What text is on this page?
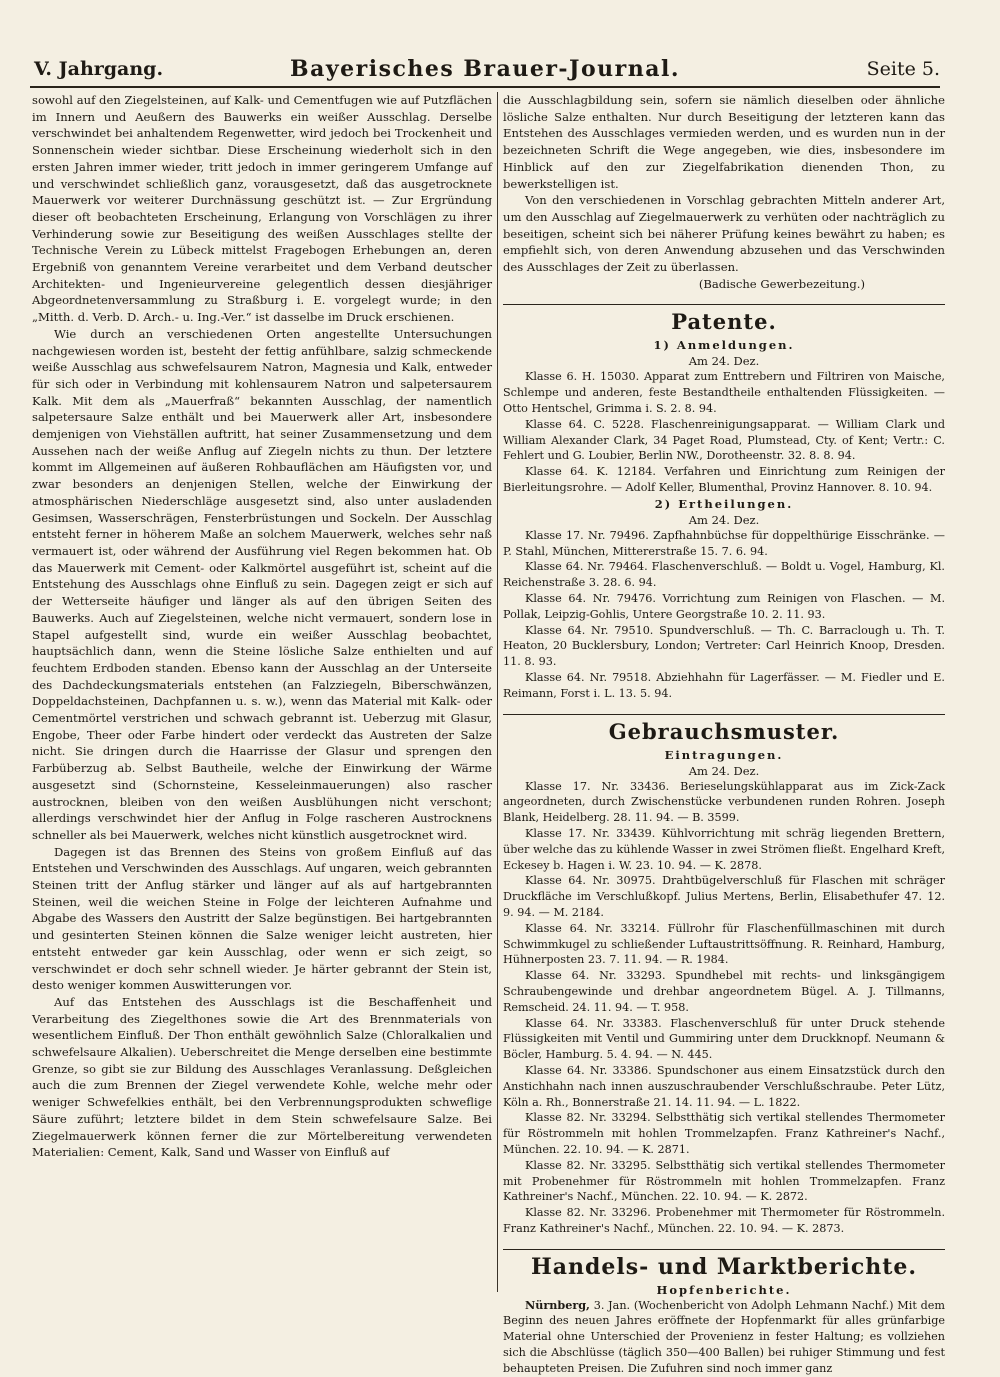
V. Jahrgang.	Bayerisches Brauer-Journal.	Seite 5.

sowohl auf den Ziegelsteinen, auf Kalk- und Cementfugen wie auf Putzflächen im Innern und Aeußern des Bauwerks ein weißer Ausschlag. Derselbe verschwindet bei anhaltendem Regenwetter, wird jedoch bei Trockenheit und Sonnenschein wieder sichtbar. Diese Erscheinung wiederholt sich in den ersten Jahren immer wieder, tritt jedoch in immer geringerem Umfange auf und verschwindet schließlich ganz, vorausgesetzt, daß das ausgetrocknete Mauerwerk vor weiterer Durchnässung geschützt ist. — Zur Ergründung dieser oft beobachteten Erscheinung, Erlangung von Vorschlägen zu ihrer Verhinderung sowie zur Beseitigung des weißen Ausschlages stellte der Technische Verein zu Lübeck mittelst Fragebogen Erhebungen an, deren Ergebniß von genanntem Vereine verarbeitet und dem Verband deutscher Architekten- und Ingenieurvereine gelegentlich dessen diesjähriger Abgeordnetenversammlung zu Straßburg i. E. vorgelegt wurde; in den „Mitth. d. Verb. D. Arch.- u. Ing.-Ver.“ ist dasselbe im Druck erschienen.

Wie durch an verschiedenen Orten angestellte Untersuchungen nachgewiesen worden ist, besteht der fettig anfühlbare, salzig schmeckende weiße Ausschlag aus schwefelsaurem Natron, Magnesia und Kalk, entweder für sich oder in Verbindung mit kohlensaurem Natron und salpetersaurem Kalk. Mit dem als „Mauerfraß“ bekannten Ausschlag, der namentlich salpetersaure Salze enthält und bei Mauerwerk aller Art, insbesondere demjenigen von Viehställen auftritt, hat seiner Zusammensetzung und dem Aussehen nach der weiße Anflug auf Ziegeln nichts zu thun. Der letztere kommt im Allgemeinen auf äußeren Rohbauflächen am Häufigsten vor, und zwar besonders an denjenigen Stellen, welche der Einwirkung der atmosphärischen Niederschläge ausgesetzt sind, also unter ausladenden Gesimsen, Wasserschrägen, Fensterbrüstungen und Sockeln. Der Ausschlag entsteht ferner in höherem Maße an solchem Mauerwerk, welches sehr naß vermauert ist, oder während der Ausführung viel Regen bekommen hat. Ob das Mauerwerk mit Cement- oder Kalkmörtel ausgeführt ist, scheint auf die Entstehung des Ausschlags ohne Einfluß zu sein. Dagegen zeigt er sich auf der Wetterseite häufiger und länger als auf den übrigen Seiten des Bauwerks. Auch auf Ziegelsteinen, welche nicht vermauert, sondern lose in Stapel aufgestellt sind, wurde ein weißer Ausschlag beobachtet, hauptsächlich dann, wenn die Steine lösliche Salze enthielten und auf feuchtem Erdboden standen. Ebenso kann der Ausschlag an der Unterseite des Dachdeckungsmaterials entstehen (an Falzziegeln, Biberschwänzen, Doppeldachsteinen, Dachpfannen u. s. w.), wenn das Material mit Kalk- oder Cementmörtel verstrichen und schwach gebrannt ist. Ueberzug mit Glasur, Engobe, Theer oder Farbe hindert oder verdeckt das Austreten der Salze nicht. Sie dringen durch die Haarrisse der Glasur und sprengen den Farbüberzug ab. Selbst Bautheile, welche der Einwirkung der Wärme ausgesetzt sind (Schornsteine, Kesseleinmauerungen) also rascher austrocknen, bleiben von den weißen Ausblühungen nicht verschont; allerdings verschwindet hier der Anflug in Folge rascheren Austrocknens schneller als bei Mauerwerk, welches nicht künstlich ausgetrocknet wird.

Dagegen ist das Brennen des Steins von großem Einfluß auf das Entstehen und Verschwinden des Ausschlags. Auf ungaren, weich gebrannten Steinen tritt der Anflug stärker und länger auf als auf hartgebrannten Steinen, weil die weichen Steine in Folge der leichteren Aufnahme und Abgabe des Wassers den Austritt der Salze begünstigen. Bei hartgebrannten und gesinterten Steinen können die Salze weniger leicht austreten, hier entsteht entweder gar kein Ausschlag, oder wenn er sich zeigt, so verschwindet er doch sehr schnell wieder. Je härter gebrannt der Stein ist, desto weniger kommen Auswitterungen vor.

Auf das Entstehen des Ausschlags ist die Beschaffenheit und Verarbeitung des Ziegelthones sowie die Art des Brennmaterials von wesentlichem Einfluß. Der Thon enthält gewöhnlich Salze (Chloralkalien und schwefelsaure Alkalien). Ueberschreitet die Menge derselben eine bestimmte Grenze, so gibt sie zur Bildung des Ausschlages Veranlassung. Deßgleichen auch die zum Brennen der Ziegel verwendete Kohle, welche mehr oder weniger Schwefelkies enthält, bei den Verbrennungsprodukten schweflige Säure zuführt; letztere bildet in dem Stein schwefelsaure Salze. Bei Ziegelmauerwerk können ferner die zur Mörtelbereitung verwendeten Materialien: Cement, Kalk, Sand und Wasser von Einfluß auf

die Ausschlagbildung sein, sofern sie nämlich dieselben oder ähnliche lösliche Salze enthalten. Nur durch Beseitigung der letzteren kann das Entstehen des Ausschlages vermieden werden, und es wurden nun in der bezeichneten Schrift die Wege angegeben, wie dies, insbesondere im Hinblick auf den zur Ziegelfabrikation dienenden Thon, zu bewerkstelligen ist.

Von den verschiedenen in Vorschlag gebrachten Mitteln anderer Art, um den Ausschlag auf Ziegelmauerwerk zu verhüten oder nachträglich zu beseitigen, scheint sich bei näherer Prüfung keines bewährt zu haben; es empfiehlt sich, von deren Anwendung abzusehen und das Verschwinden des Ausschlages der Zeit zu überlassen.

(Badische Gewerbezeitung.)

Patente.
1) Anmeldungen.
Am 24. Dez.

Klasse 6. H. 15030. Apparat zum Enttrebern und Filtriren von Maische, Schlempe und anderen, feste Bestandtheile enthaltenden Flüssigkeiten. — Otto Hentschel, Grimma i. S. 2. 8. 94.

Klasse 64. C. 5228. Flaschenreinigungsapparat. — William Clark und William Alexander Clark, 34 Paget Road, Plumstead, Cty. of Kent; Vertr.: C. Fehlert und G. Loubier, Berlin NW., Dorotheenstr. 32. 8. 8. 94.

Klasse 64. K. 12184. Verfahren und Einrichtung zum Reinigen der Bierleitungsrohre. — Adolf Keller, Blumenthal, Provinz Hannover. 8. 10. 94.

2) Ertheilungen.
Am 24. Dez.

Klasse 17. Nr. 79496. Zapfhahnbüchse für doppelthürige Eisschränke. — P. Stahl, München, Mittererstraße 15. 7. 6. 94.

Klasse 64. Nr. 79464. Flaschenverschluß. — Boldt u. Vogel, Hamburg, Kl. Reichenstraße 3. 28. 6. 94.

Klasse 64. Nr. 79476. Vorrichtung zum Reinigen von Flaschen. — M. Pollak, Leipzig-Gohlis, Untere Georgstraße 10. 2. 11. 93.

Klasse 64. Nr. 79510. Spundverschluß. — Th. C. Barraclough u. Th. T. Heaton, 20 Bucklersbury, London; Vertreter: Carl Heinrich Knoop, Dresden. 11. 8. 93.

Klasse 64. Nr. 79518. Abziehhahn für Lagerfässer. — M. Fiedler und E. Reimann, Forst i. L. 13. 5. 94.

Gebrauchsmuster.
Eintragungen.
Am 24. Dez.

Klasse 17. Nr. 33436. Berieselungskühlapparat aus im Zick-Zack angeordneten, durch Zwischenstücke verbundenen runden Rohren. Joseph Blank, Heidelberg. 28. 11. 94. — B. 3599.

Klasse 17. Nr. 33439. Kühlvorrichtung mit schräg liegenden Brettern, über welche das zu kühlende Wasser in zwei Strömen fließt. Engelhard Kreft, Eckesey b. Hagen i. W. 23. 10. 94. — K. 2878.

Klasse 64. Nr. 30975. Drahtbügelverschluß für Flaschen mit schräger Druckfläche im Verschlußkopf. Julius Mertens, Berlin, Elisabethufer 47. 12. 9. 94. — M. 2184.

Klasse 64. Nr. 33214. Füllrohr für Flaschenfüllmaschinen mit durch Schwimmkugel zu schließender Luftaustrittsöffnung. R. Reinhard, Hamburg, Hühnerposten 23. 7. 11. 94. — R. 1984.

Klasse 64. Nr. 33293. Spundhebel mit rechts- und linksgängigem Schraubengewinde und drehbar angeordnetem Bügel. A. J. Tillmanns, Remscheid. 24. 11. 94. — T. 958.

Klasse 64. Nr. 33383. Flaschenverschluß für unter Druck stehende Flüssigkeiten mit Ventil und Gummiring unter dem Druckknopf. Neumann & Böcler, Hamburg. 5. 4. 94. — N. 445.

Klasse 64. Nr. 33386. Spundschoner aus einem Einsatzstück durch den Anstichhahn nach innen auszuschraubender Verschlußschraube. Peter Lütz, Köln a. Rh., Bonnerstraße 21. 14. 11. 94. — L. 1822.

Klasse 82. Nr. 33294. Selbstthätig sich vertikal stellendes Thermometer für Röstrommeln mit hohlen Trommelzapfen. Franz Kathreiner's Nachf., München. 22. 10. 94. — K. 2871.

Klasse 82. Nr. 33295. Selbstthätig sich vertikal stellendes Thermometer mit Probenehmer für Röstrommeln mit hohlen Trommelzapfen. Franz Kathreiner's Nachf., München. 22. 10. 94. — K. 2872.

Klasse 82. Nr. 33296. Probenehmer mit Thermometer für Röstrommeln. Franz Kathreiner's Nachf., München. 22. 10. 94. — K. 2873.

Handels- und Marktberichte.
Hopfenberichte.

Nürnberg, 3. Jan. (Wochenbericht von Adolph Lehmann Nachf.) Mit dem Beginn des neuen Jahres eröffnete der Hopfenmarkt für alles grünfarbige Material ohne Unterschied der Provenienz in fester Haltung; es vollziehen sich die Abschlüsse (täglich 350—400 Ballen) bei ruhiger Stimmung und fest behaupteten Preisen. Die Zufuhren sind noch immer ganz
